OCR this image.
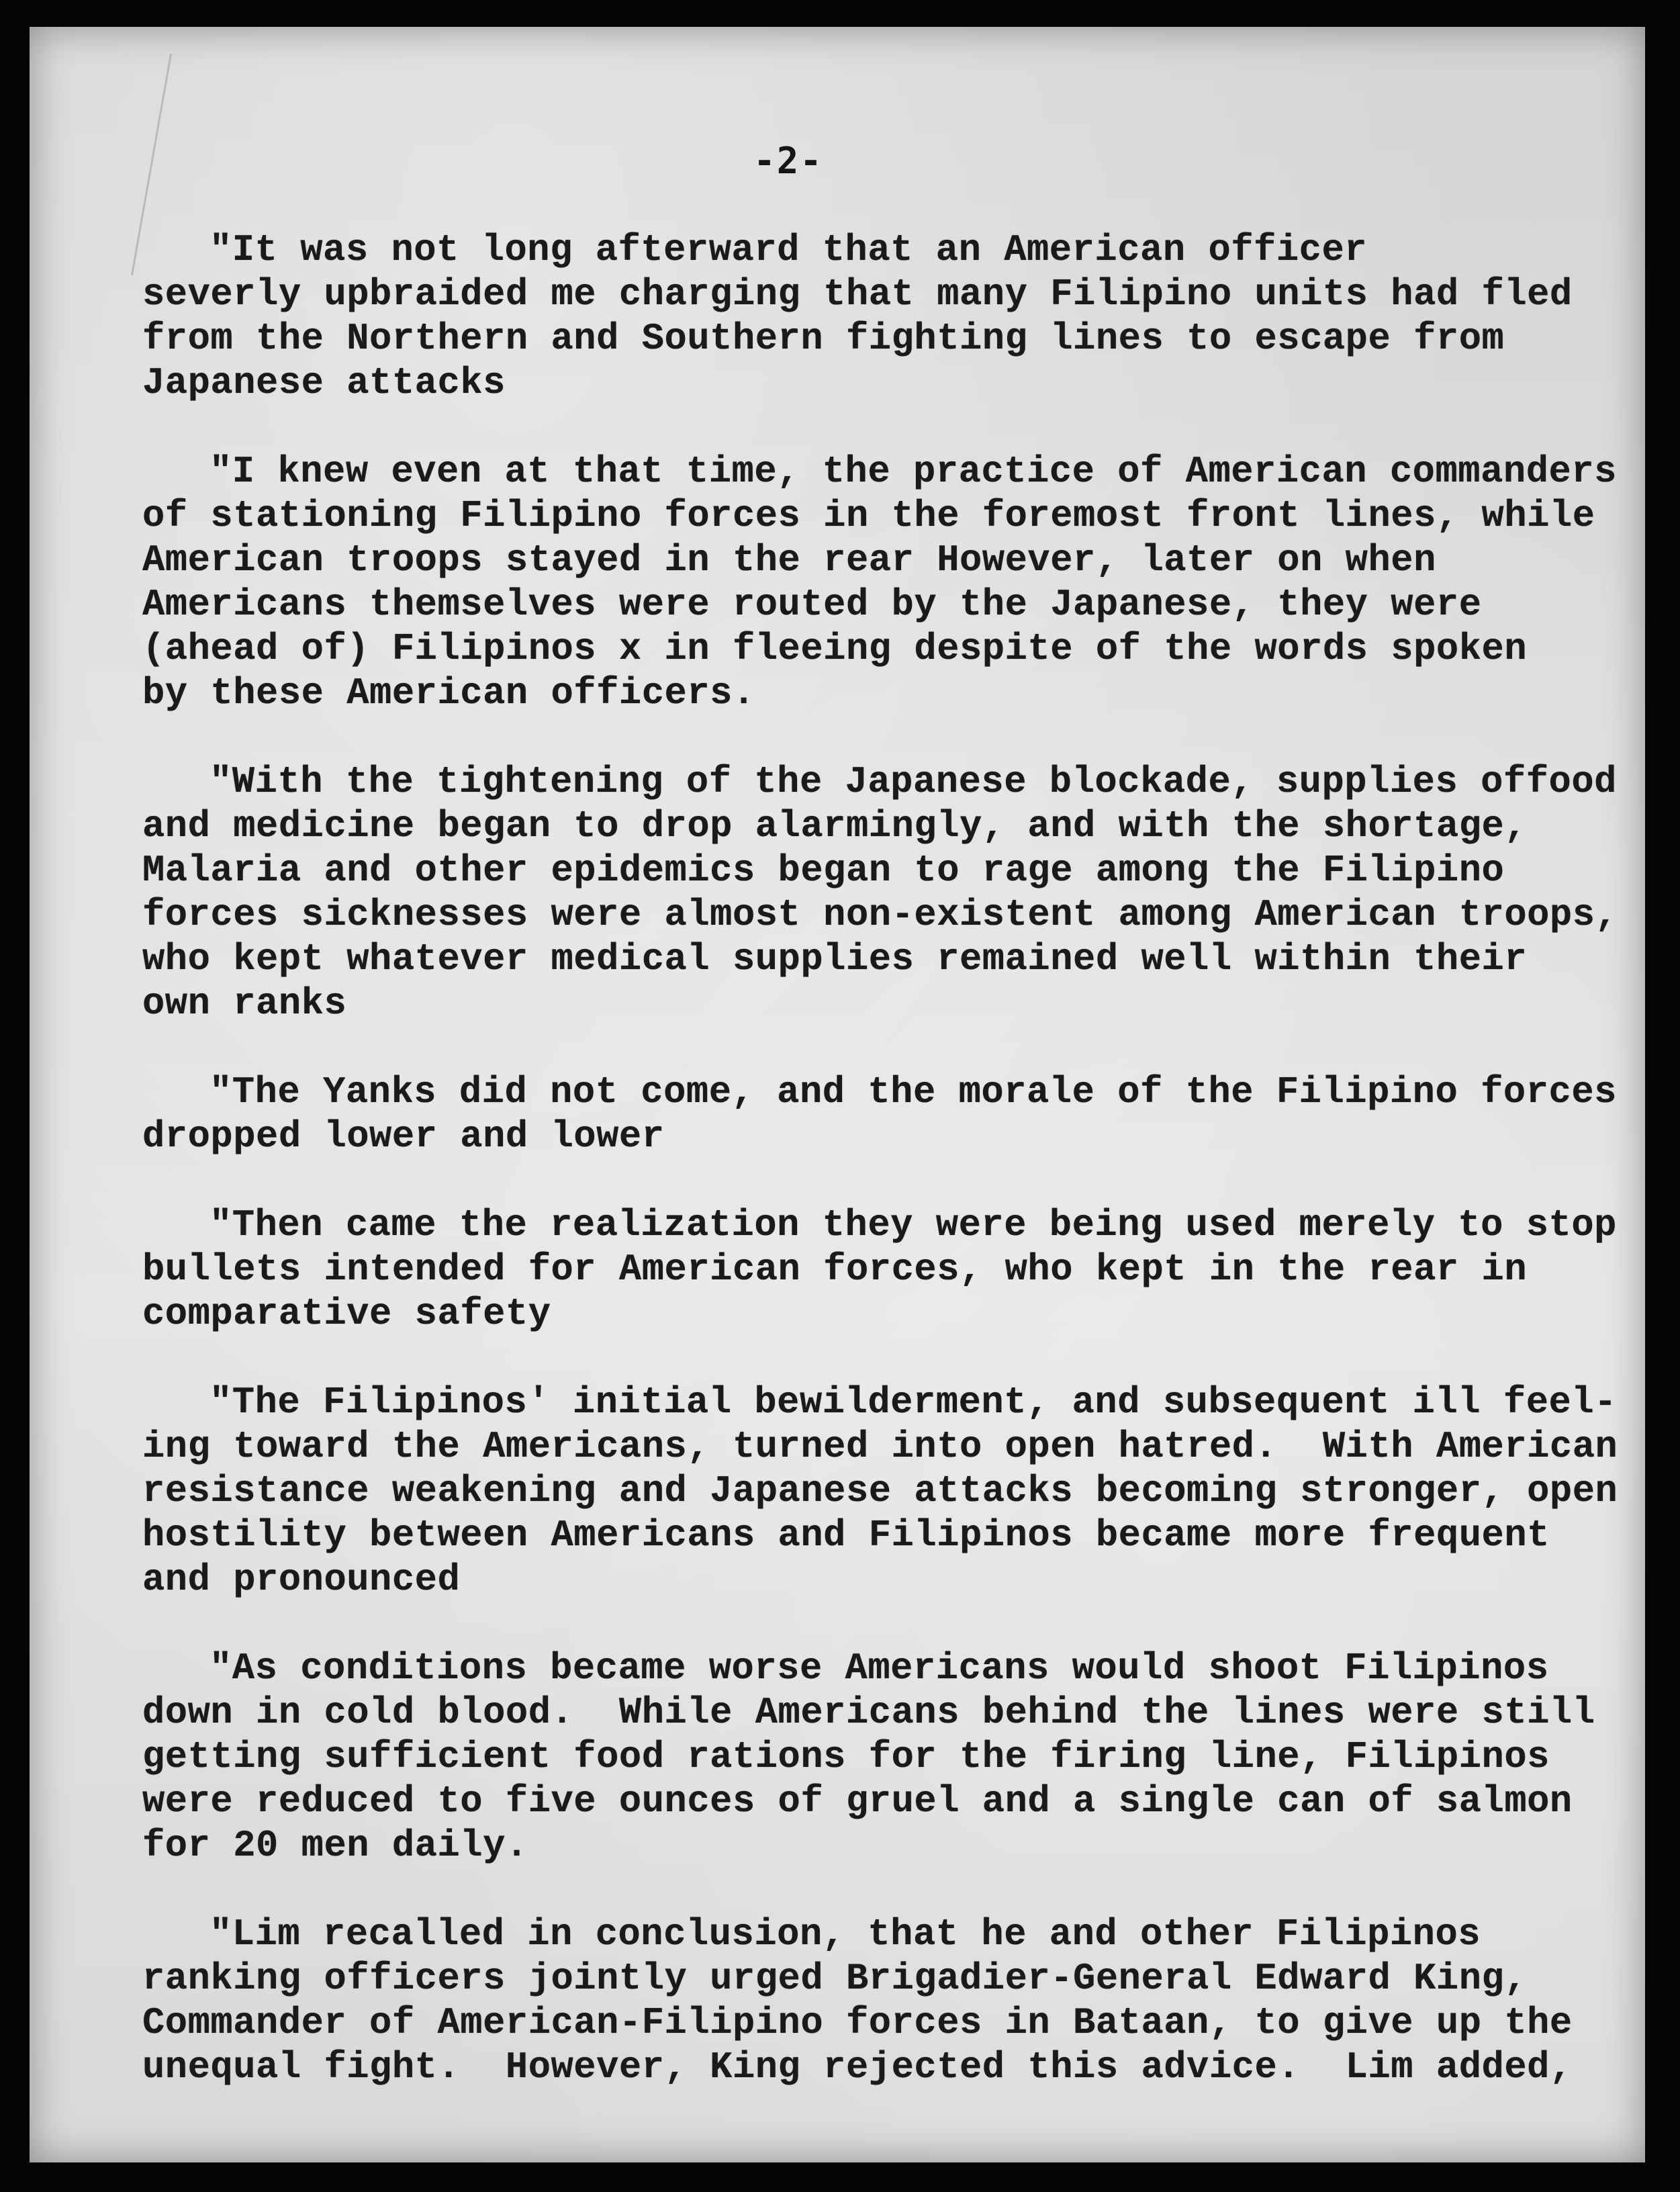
-2-
"It was not long afterward that an American officer
severly upbraided me charging that many Filipino units had fled
from the Northern and Southern fighting lines to escape from
Japanese attacks
"I knew even at that time, the practice of American commanders
of stationing Filipino forces in the foremost front lines, while
American troops stayed in the rear However, later on when
Americans themselves were routed by the Japanese, they were
(ahead of) Filipinos x in fleeing despite of the words spoken
by these American officers.
"With the tightening of the Japanese blockade, supplies offood
and medicine began to drop alarmingly, and with the shortage,
Malaria and other epidemics began to rage among the Filipino
forces sicknesses were almost non-existent among American troops,
who kept whatever medical supplies remained well within their
own ranks
"The Yanks did not come, and the morale of the Filipino forces
dropped lower and lower
"Then came the realization they were being used merely to stop
bullets intended for American forces, who kept in the rear in
comparative safety
"The Filipinos' initial bewilderment, and subsequent ill feel-
ing toward the Americans, turned into open hatred.  With American
resistance weakening and Japanese attacks becoming stronger, open
hostility between Americans and Filipinos became more frequent
and pronounced
"As conditions became worse Americans would shoot Filipinos
down in cold blood.  While Americans behind the lines were still
getting sufficient food rations for the firing line, Filipinos
were reduced to five ounces of gruel and a single can of salmon
for 20 men daily.
"Lim recalled in conclusion, that he and other Filipinos
ranking officers jointly urged Brigadier-General Edward King,
Commander of American-Filipino forces in Bataan, to give up the
unequal fight.  However, King rejected this advice.  Lim added,
